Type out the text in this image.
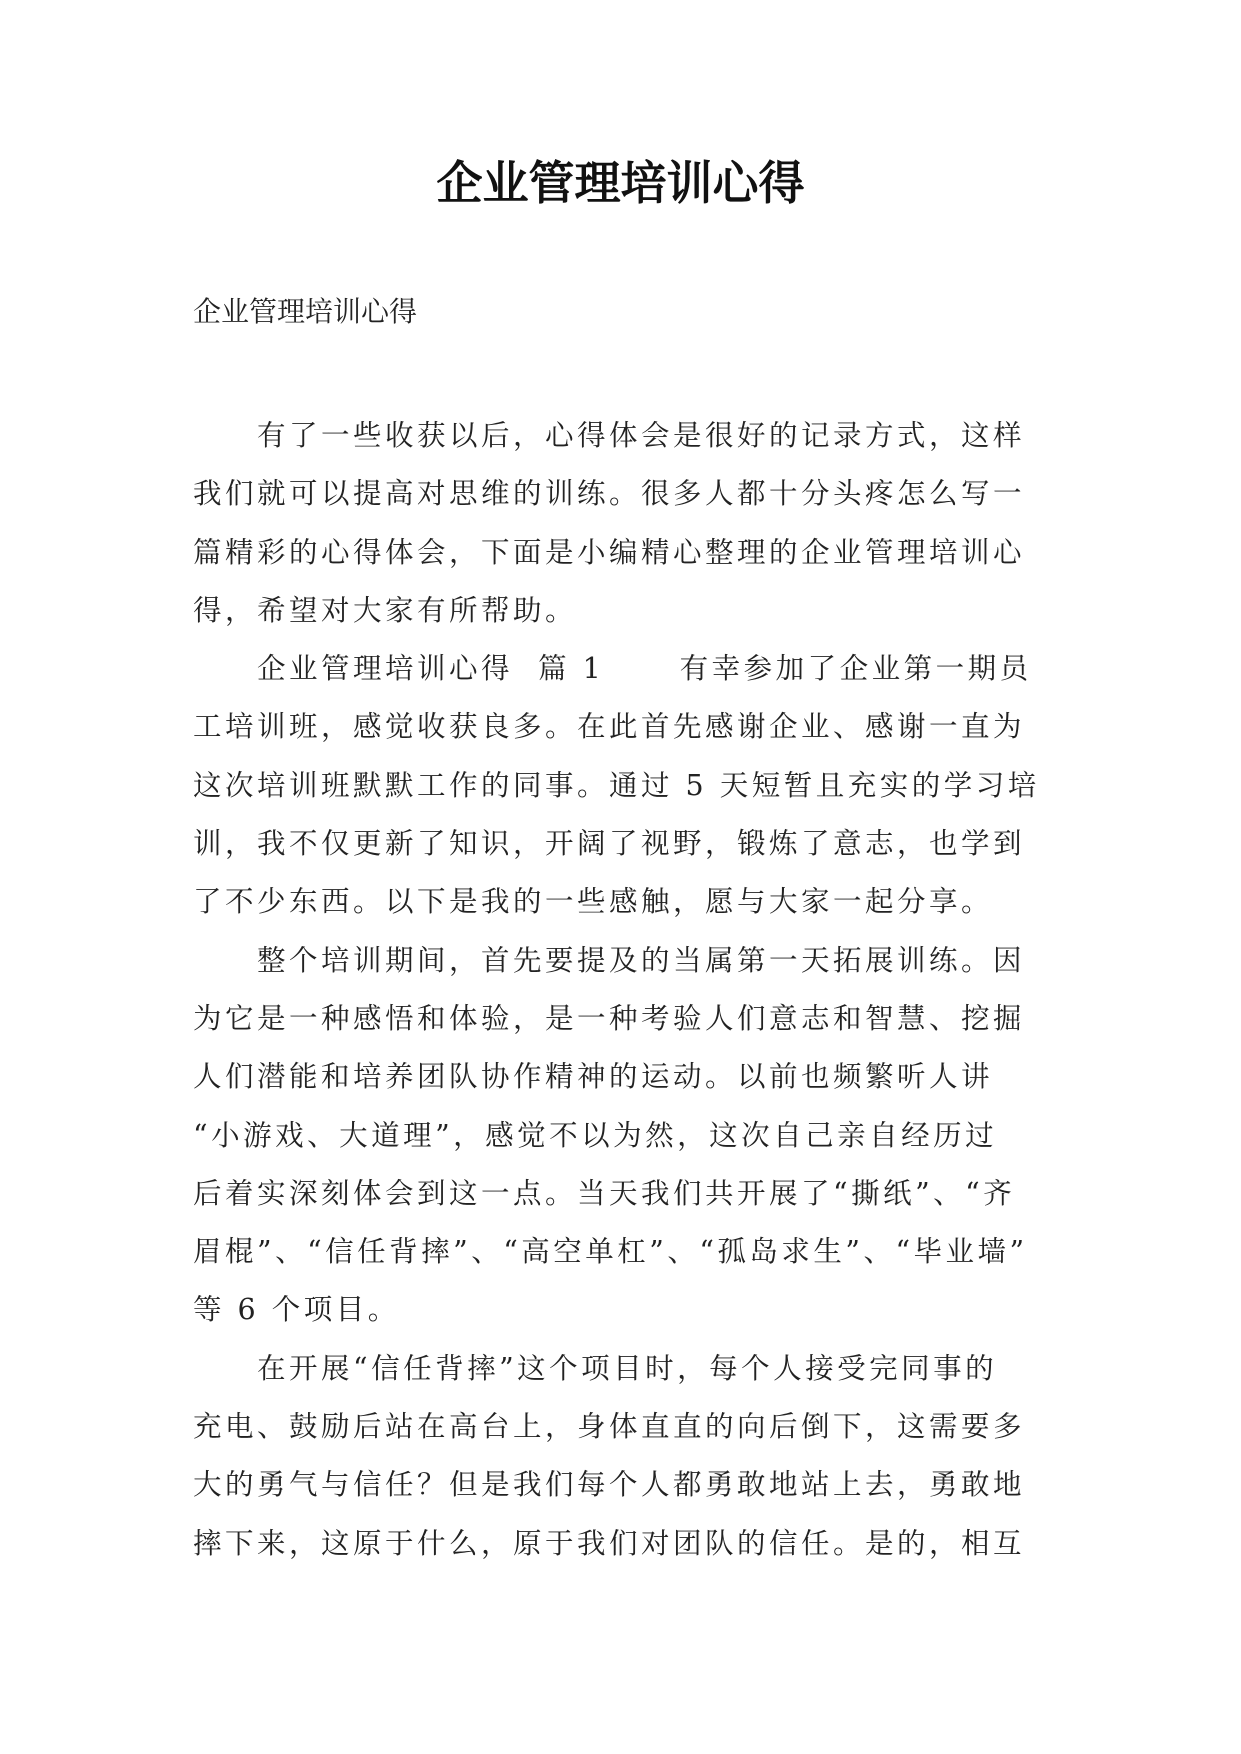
企业管理培训心得
企业管理培训心得
有了一些收获以后，心得体会是很好的记录方式，这样
我们就可以提高对思维的训练。很多人都十分头疼怎么写一
篇精彩的心得体会，下面是小编精心整理的企业管理培训心
得，希望对大家有所帮助。
企业管理培训心得  篇 1      有幸参加了企业第一期员
工培训班，感觉收获良多。在此首先感谢企业、感谢一直为
这次培训班默默工作的同事。通过 5 天短暂且充实的学习培
训，我不仅更新了知识，开阔了视野，锻炼了意志，也学到
了不少东西。以下是我的一些感触，愿与大家一起分享。
整个培训期间，首先要提及的当属第一天拓展训练。因
为它是一种感悟和体验，是一种考验人们意志和智慧、挖掘
人们潜能和培养团队协作精神的运动。以前也频繁听人讲
“小游戏、大道理”，感觉不以为然，这次自己亲自经历过
后着实深刻体会到这一点。当天我们共开展了“撕纸”、“齐
眉棍”、“信任背摔”、“高空单杠”、“孤岛求生”、“毕业墙”
等 6 个项目。
在开展“信任背摔”这个项目时，每个人接受完同事的
充电、鼓励后站在高台上，身体直直的向后倒下，这需要多
大的勇气与信任？但是我们每个人都勇敢地站上去，勇敢地
摔下来，这原于什么，原于我们对团队的信任。是的，相互
